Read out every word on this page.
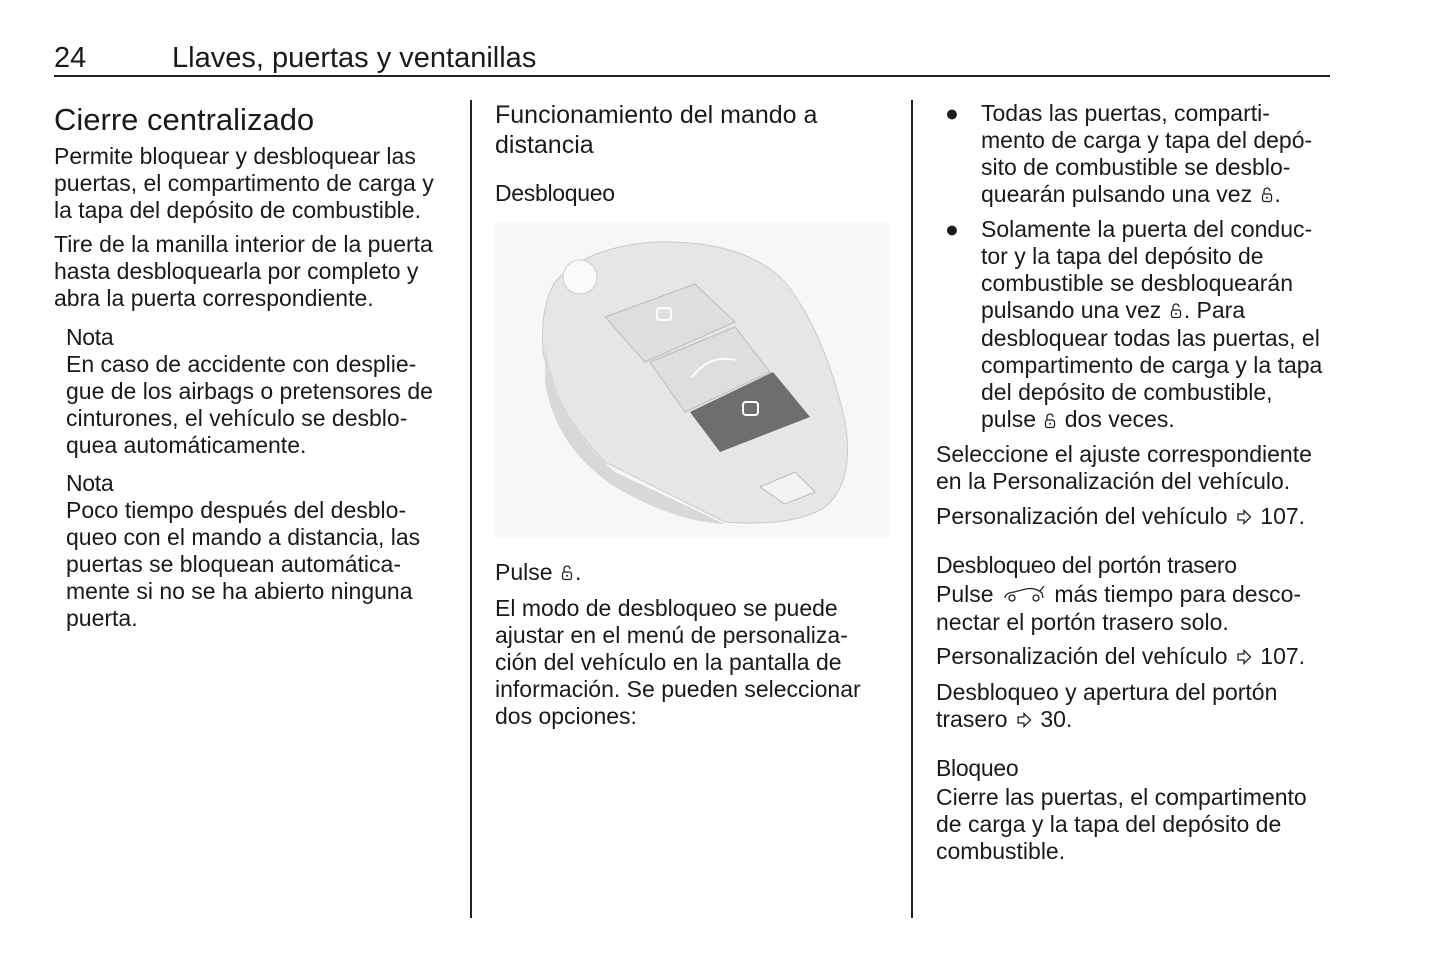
24	Llaves, puertas y ventanillas
Cierre centralizado
Permite bloquear y desbloquear las
puertas, el compartimento de carga y
la tapa del depósito de combustible.
Tire de la manilla interior de la puerta
hasta desbloquearla por completo y
abra la puerta correspondiente.
Nota
En caso de accidente con desplie-
gue de los airbags o pretensores de
cinturones, el vehículo se desblo-
quea automáticamente.
Nota
Poco tiempo después del desblo-
queo con el mando a distancia, las
puertas se bloquean automática-
mente si no se ha abierto ninguna
puerta.
Funcionamiento del mando a
distancia
Desbloqueo
Pulse .
El modo de desbloqueo se puede
ajustar en el menú de personaliza-
ción del vehículo en la pantalla de
información. Se pueden seleccionar
dos opciones:
● Todas las puertas, comparti-
mento de carga y tapa del depó-
sito de combustible se desblo-
quearán pulsando una vez .
● Solamente la puerta del conduc-
tor y la tapa del depósito de
combustible se desbloquearán
pulsando una vez . Para
desbloquear todas las puertas, el
compartimento de carga y la tapa
del depósito de combustible,
pulse  dos veces.
Seleccione el ajuste correspondiente
en la Personalización del vehículo.
Personalización del vehículo  107.
Desbloqueo del portón trasero
Pulse  más tiempo para desco-
nectar el portón trasero solo.
Personalización del vehículo  107.
Desbloqueo y apertura del portón
trasero  30.
Bloqueo
Cierre las puertas, el compartimento
de carga y la tapa del depósito de
combustible.
